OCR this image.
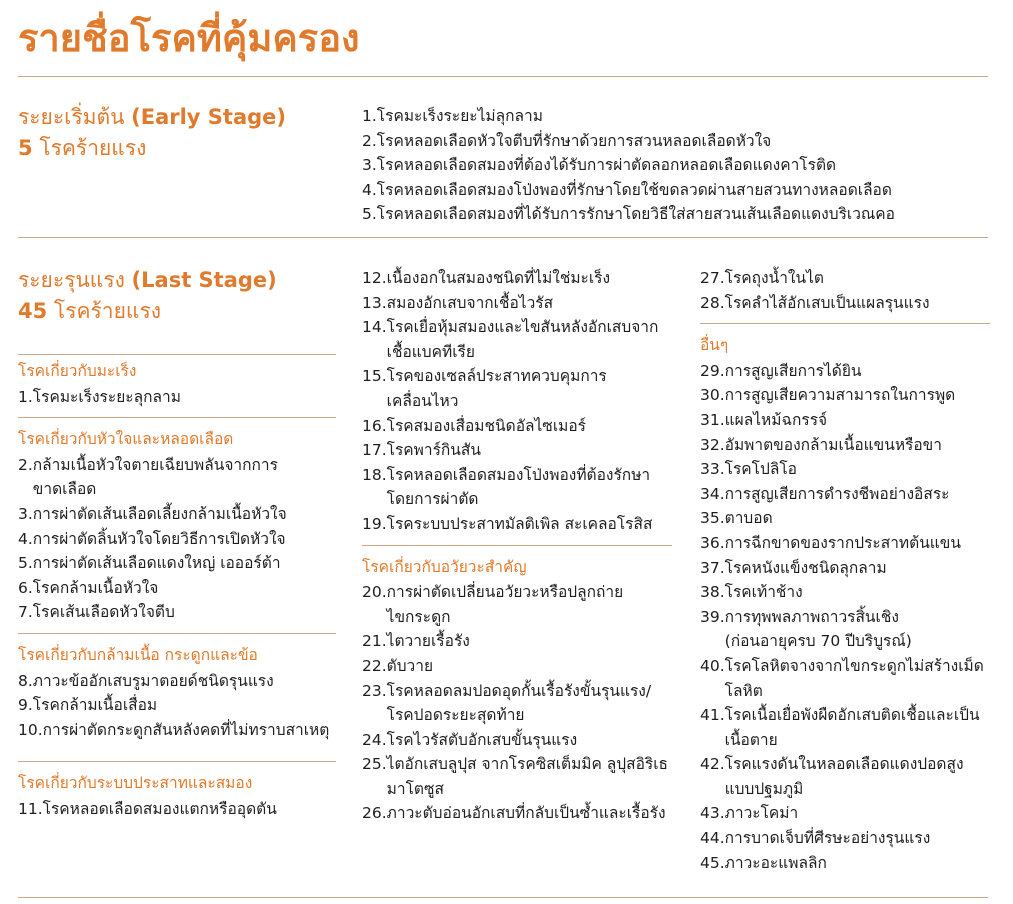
รายชื่อโรคที่คุ้มครอง
ระยะเริ่มต้น (Early Stage)
5 โรคร้ายแรง
1. โรคมะเร็งระยะไม่ลุกลาม
2. โรคหลอดเลือดหัวใจตีบที่รักษาด้วยการสวนหลอดเลือดหัวใจ
3. โรคหลอดเลือดสมองที่ต้องได้รับการผ่าตัดลอกหลอดเลือดแดงคาโรติด
4. โรคหลอดเลือดสมองโป่งพองที่รักษาโดยใช้ขดลวดผ่านสายสวนทางหลอดเลือด
5. โรคหลอดเลือดสมองที่ได้รับการรักษาโดยวิธีใส่สายสวนเส้นเลือดแดงบริเวณคอ
ระยะรุนแรง (Last Stage)
45 โรคร้ายแรง
โรคเกี่ยวกับมะเร็ง
1. โรคมะเร็งระยะลุกลาม
โรคเกี่ยวกับหัวใจและหลอดเลือด
2. กล้ามเนื้อหัวใจตายเฉียบพลันจากการขาดเลือด
3. การผ่าตัดเส้นเลือดเลี้ยงกล้ามเนื้อหัวใจ
4. การผ่าตัดลิ้นหัวใจโดยวิธีการเปิดหัวใจ
5. การผ่าตัดเส้นเลือดแดงใหญ่ เอออร์ต้า
6. โรคกล้ามเนื้อหัวใจ
7. โรคเส้นเลือดหัวใจตีบ
โรคเกี่ยวกับกล้ามเนื้อ กระดูกและข้อ
8. ภาวะข้ออักเสบรูมาตอยด์ชนิดรุนแรง
9. โรคกล้ามเนื้อเสื่อม
10. การผ่าตัดกระดูกสันหลังคดที่ไม่ทราบสาเหตุ
โรคเกี่ยวกับระบบประสาทและสมอง
11. โรคหลอดเลือดสมองแตกหรืออุดตัน
12. เนื้องอกในสมองชนิดที่ไม่ใช่มะเร็ง
13. สมองอักเสบจากเชื้อไวรัส
14. โรคเยื่อหุ้มสมองและไขสันหลังอักเสบจากเชื้อแบคทีเรีย
15. โรคของเซลล์ประสาทควบคุมการเคลื่อนไหว
16. โรคสมองเสื่อมชนิดอัลไซเมอร์
17. โรคพาร์กินสัน
18. โรคหลอดเลือดสมองโป่งพองที่ต้องรักษาโดยการผ่าตัด
19. โรคระบบประสาทมัลติเพิล สะเคลอโรสิส
โรคเกี่ยวกับอวัยวะสำคัญ
20. การผ่าตัดเปลี่ยนอวัยวะหรือปลูกถ่ายไขกระดูก
21. ไตวายเรื้อรัง
22. ตับวาย
23. โรคหลอดลมปอดอุดกั้นเรื้อรังขั้นรุนแรง/โรคปอดระยะสุดท้าย
24. โรคไวรัสตับอักเสบขั้นรุนแรง
25. ไตอักเสบลูปุส จากโรคซิสเต็มมิค ลูปุสอิริเธมาโตซูส
26. ภาวะตับอ่อนอักเสบที่กลับเป็นซ้ำและเรื้อรัง
27. โรคถุงน้ำในไต
28. โรคลำไส้อักเสบเป็นแผลรุนแรง
อื่นๆ
29. การสูญเสียการได้ยิน
30. การสูญเสียความสามารถในการพูด
31. แผลไหม้ฉกรรจ์
32. อัมพาตของกล้ามเนื้อแขนหรือขา
33. โรคโปลิโอ
34. การสูญเสียการดำรงชีพอย่างอิสระ
35. ตาบอด
36. การฉีกขาดของรากประสาทต้นแขน
37. โรคหนังแข็งชนิดลุกลาม
38. โรคเท้าช้าง
39. การทุพพลภาพถาวรสิ้นเชิง (ก่อนอายุครบ 70 ปีบริบูรณ์)
40. โรคโลหิตจางจากไขกระดูกไม่สร้างเม็ดโลหิต
41. โรคเนื้อเยื่อพังผืดอักเสบติดเชื้อและเป็นเนื้อตาย
42. โรคแรงดันในหลอดเลือดแดงปอดสูงแบบปฐมภูมิ
43. ภาวะโคม่า
44. การบาดเจ็บที่ศีรษะอย่างรุนแรง
45. ภาวะอะแพลลิก
